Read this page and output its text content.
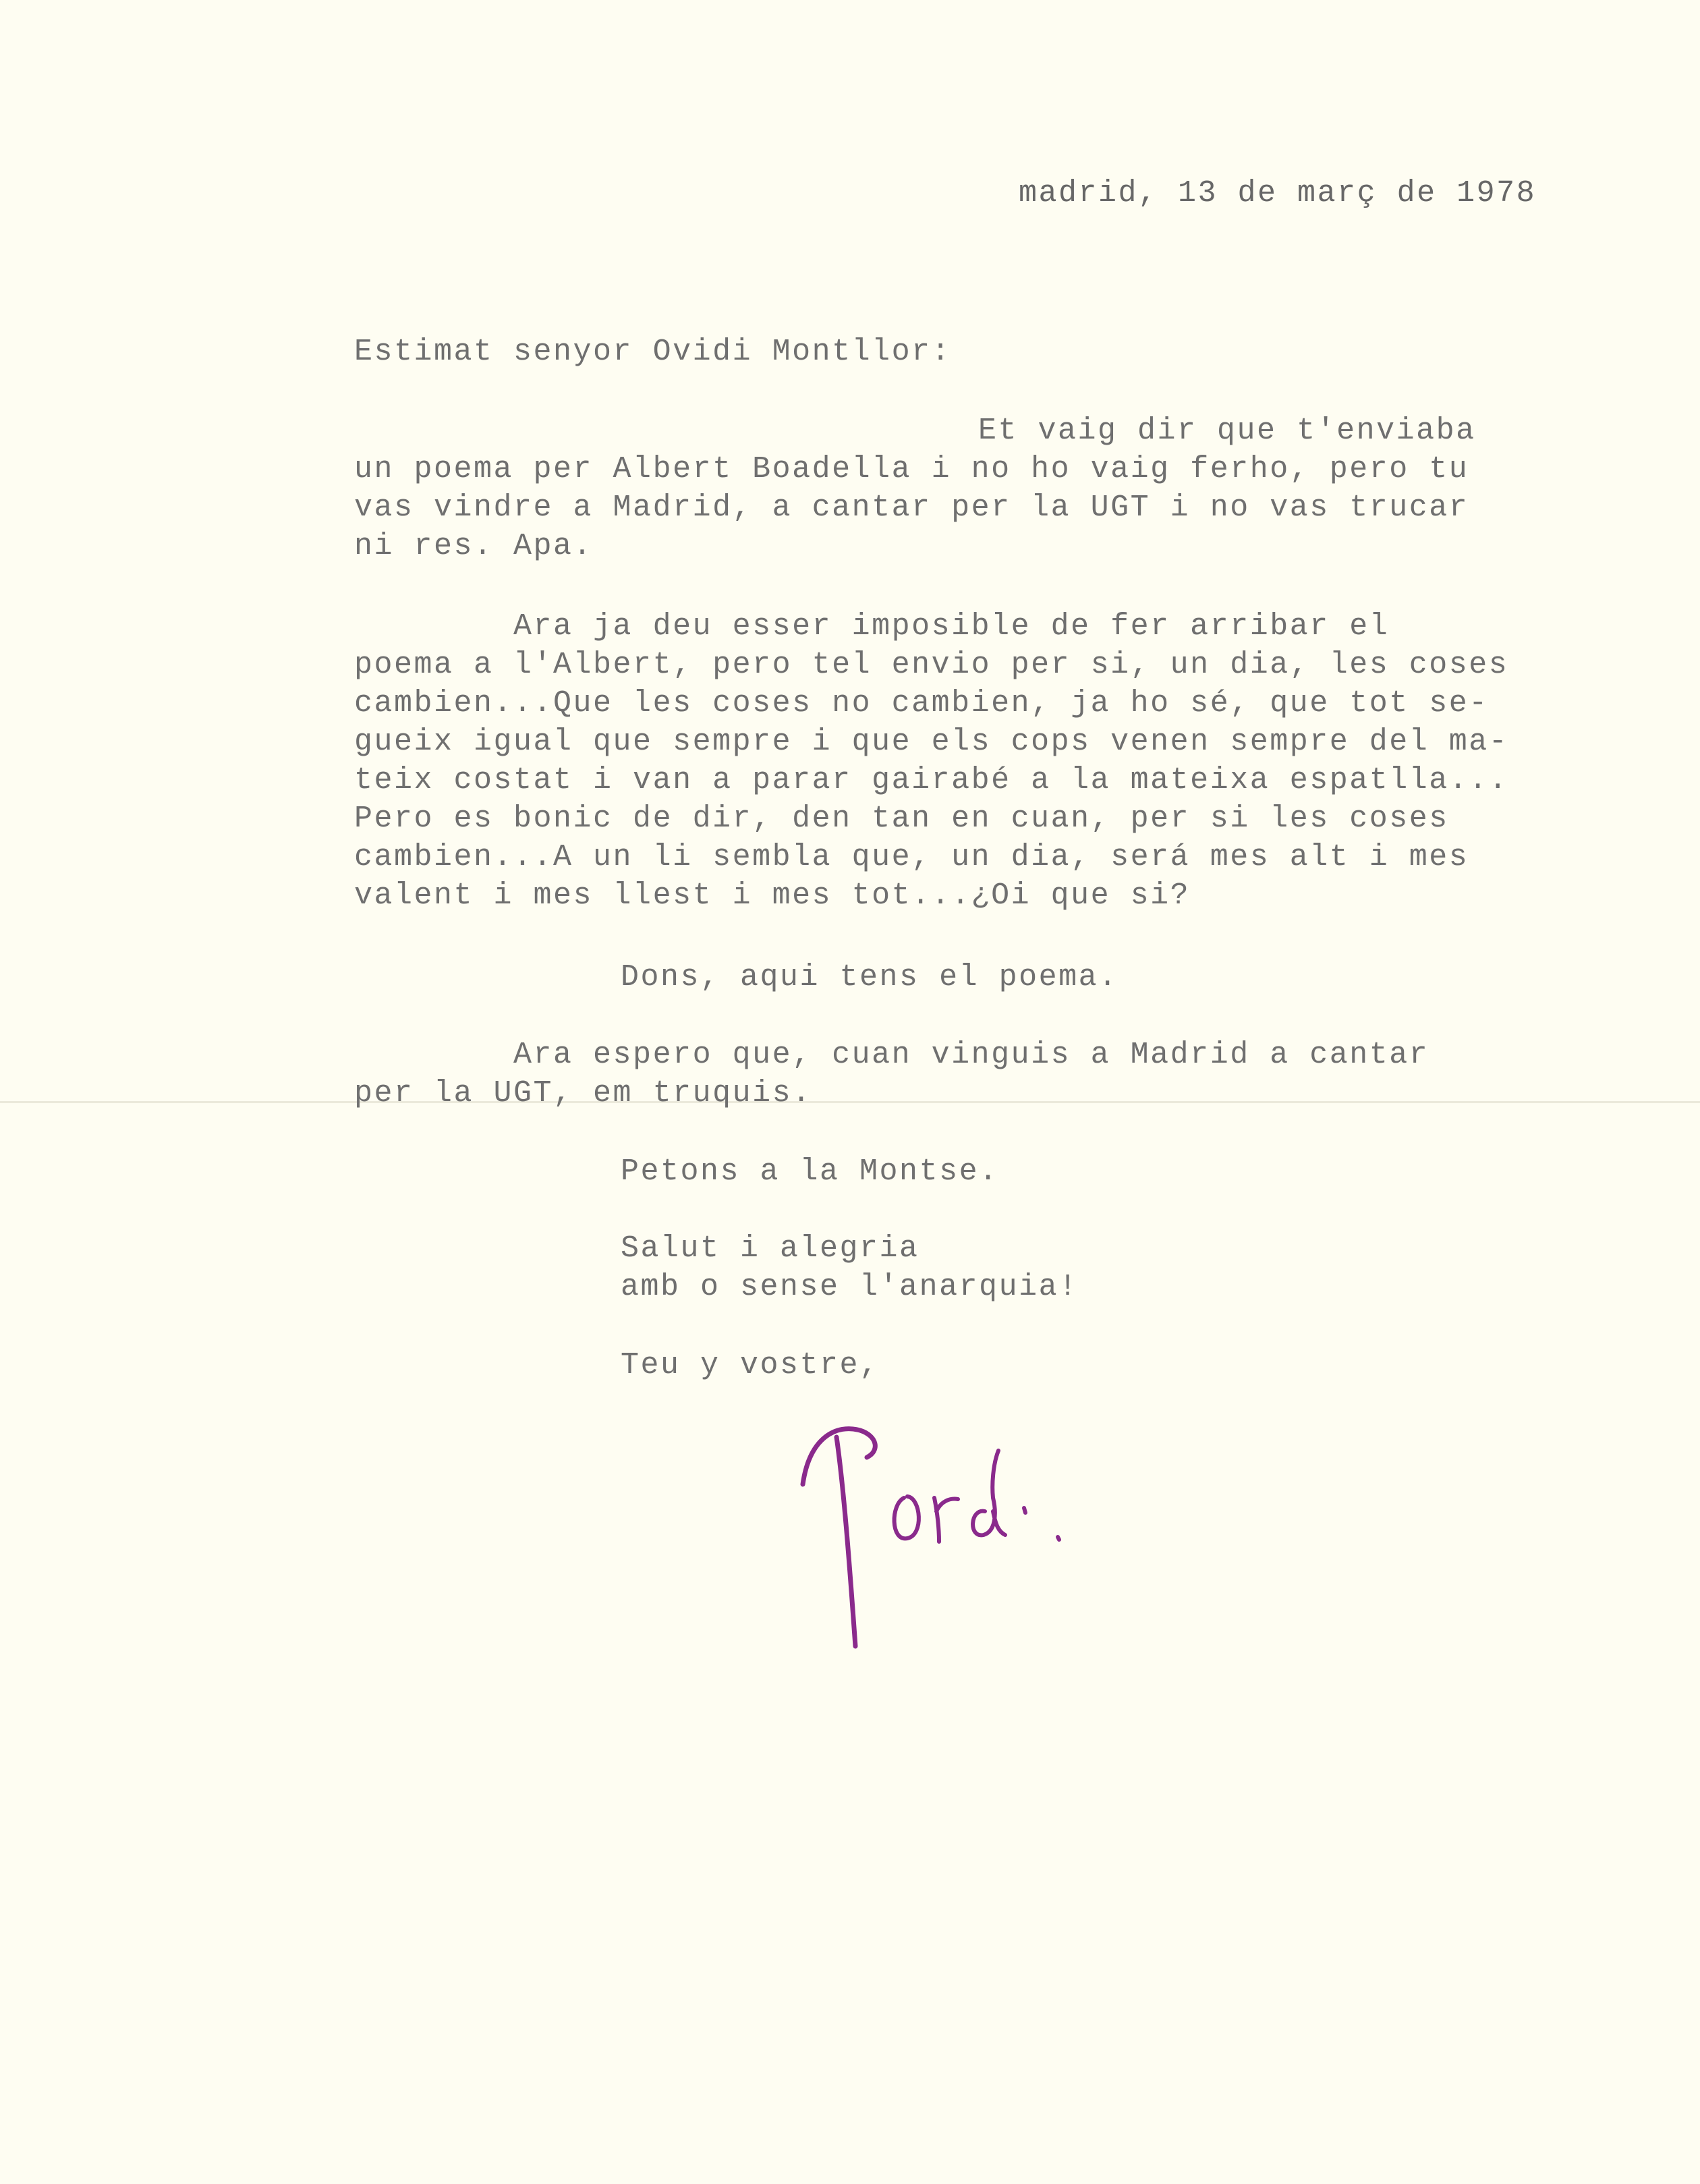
madrid, 13 de març de 1978
Estimat senyor Ovidi Montllor:
Et vaig dir que t'enviaba
un poema per Albert Boadella i no ho vaig ferho, pero tu
vas vindre a Madrid, a cantar per la UGT i no vas trucar
ni res. Apa.
Ara ja deu esser imposible de fer arribar el
poema a l'Albert, pero tel envio per si, un dia, les coses
cambien...Que les coses no cambien, ja ho sé, que tot se-
gueix igual que sempre i que els cops venen sempre del ma-
teix costat i van a parar gairabé a la mateixa espatlla...
Pero es bonic de dir, den tan en cuan, per si les coses
cambien...A un li sembla que, un dia, será mes alt i mes
valent i mes llest i mes tot...¿Oi que si?
Dons, aqui tens el poema.
Ara espero que, cuan vinguis a Madrid a cantar
per la UGT, em truquis.
Petons a la Montse.
Salut i alegria
amb o sense l'anarquia!
Teu y vostre,
